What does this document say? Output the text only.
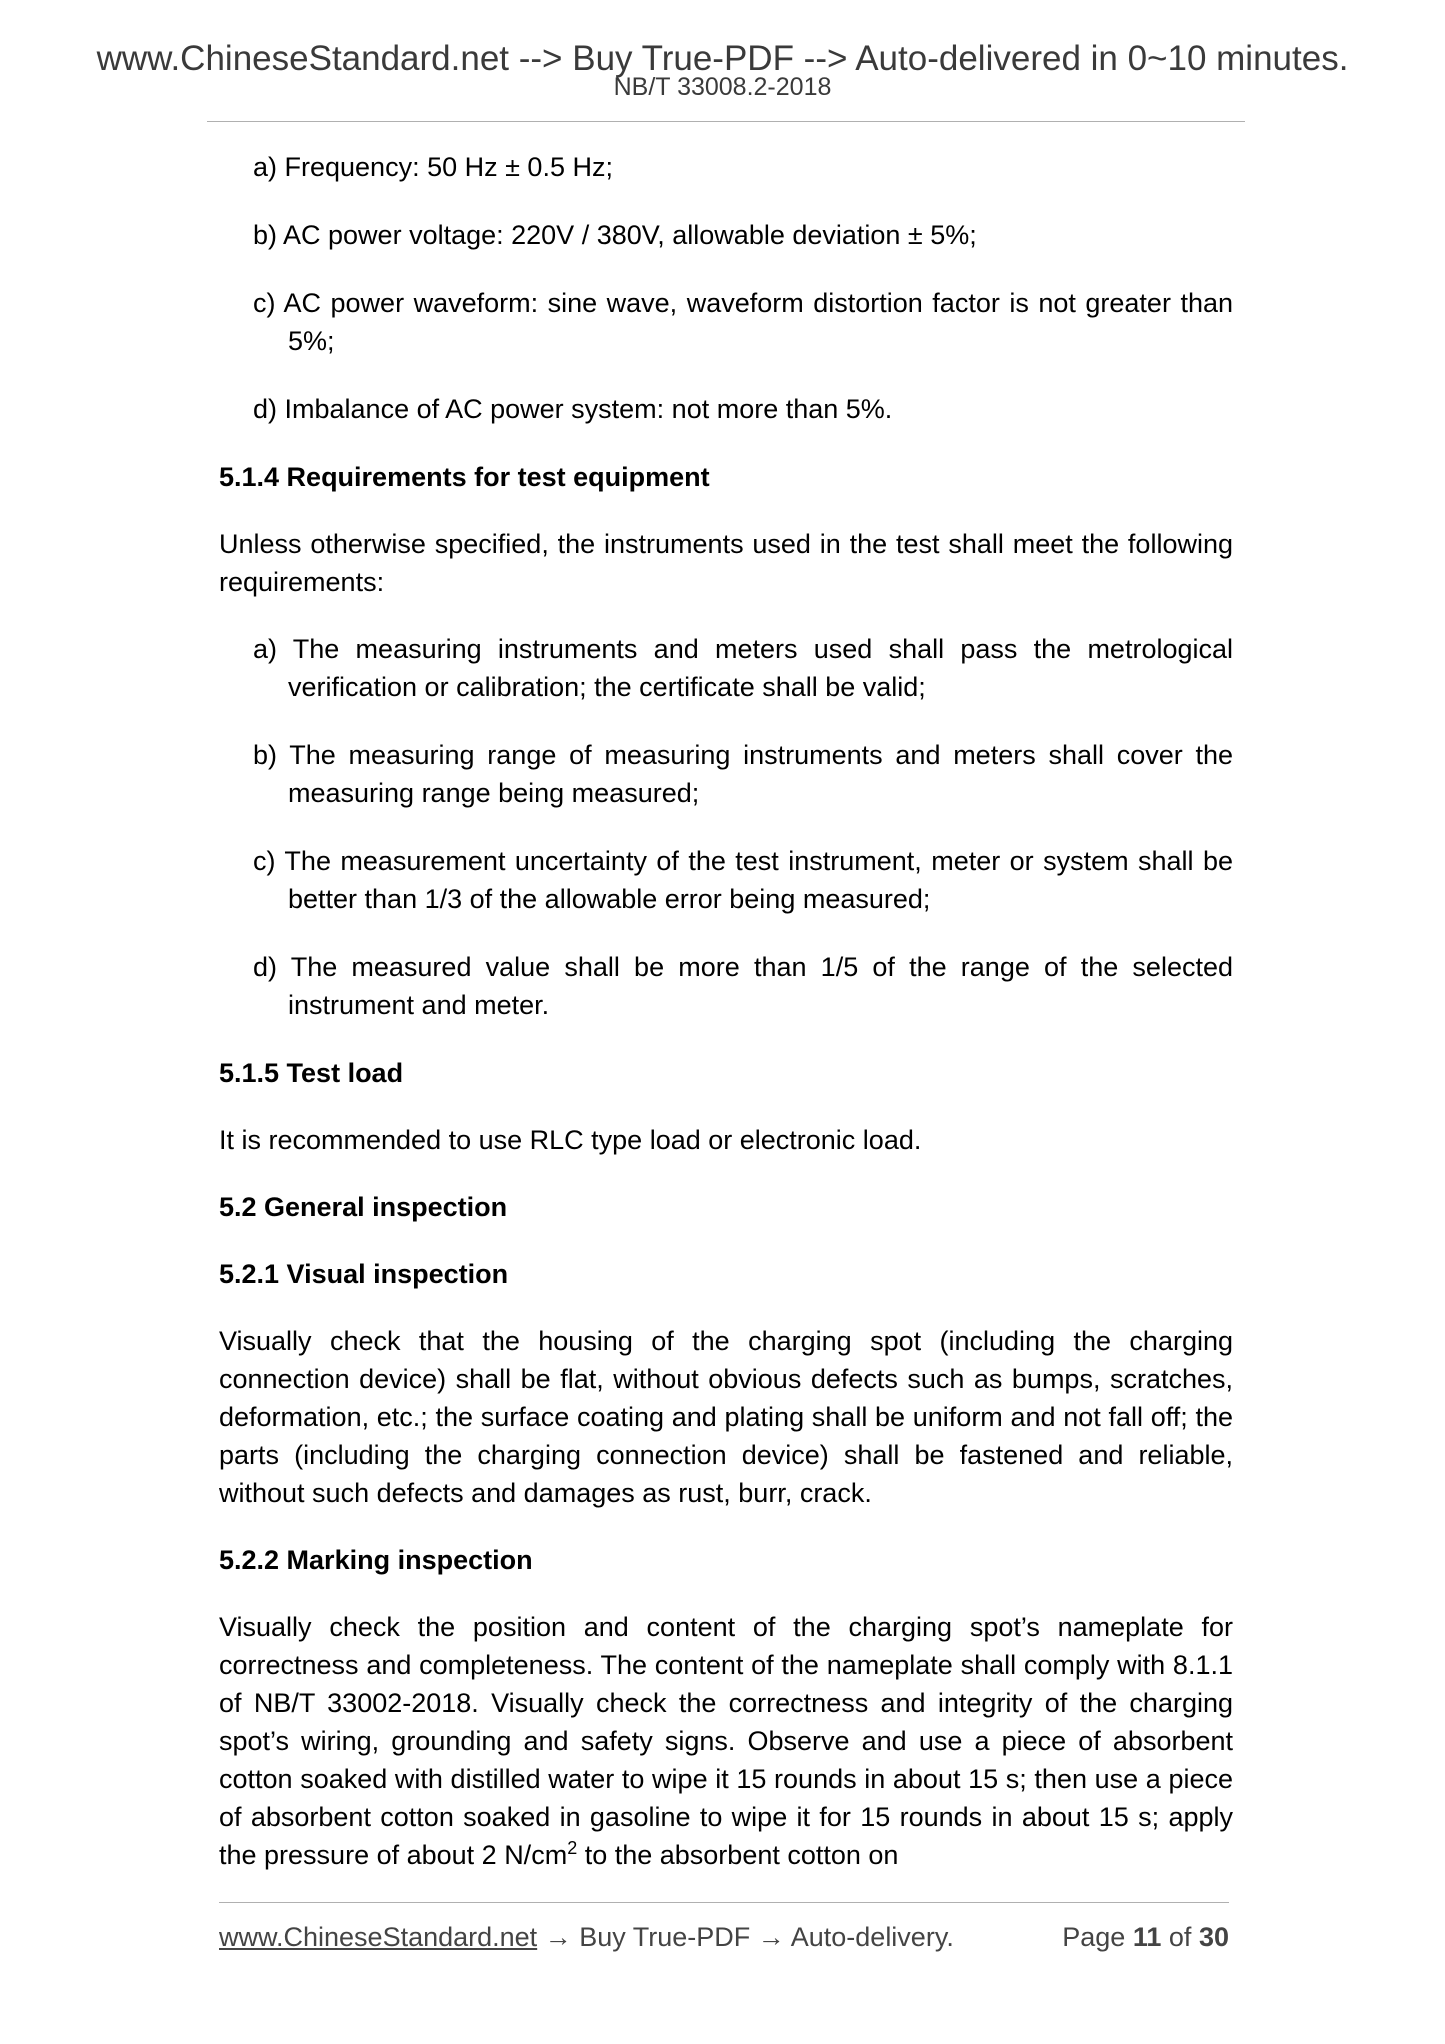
www.ChineseStandard.net --> Buy True-PDF --> Auto-delivered in 0~10 minutes.
NB/T 33008.2-2018
a) Frequency: 50 Hz ± 0.5 Hz;
b) AC power voltage: 220V / 380V, allowable deviation ± 5%;
c) AC power waveform: sine wave, waveform distortion factor is not greater than 5%;
d) Imbalance of AC power system: not more than 5%.
5.1.4 Requirements for test equipment
Unless otherwise specified, the instruments used in the test shall meet the following requirements:
a) The measuring instruments and meters used shall pass the metrological verification or calibration; the certificate shall be valid;
b) The measuring range of measuring instruments and meters shall cover the measuring range being measured;
c) The measurement uncertainty of the test instrument, meter or system shall be better than 1/3 of the allowable error being measured;
d) The measured value shall be more than 1/5 of the range of the selected instrument and meter.
5.1.5 Test load
It is recommended to use RLC type load or electronic load.
5.2 General inspection
5.2.1 Visual inspection
Visually check that the housing of the charging spot (including the charging connection device) shall be flat, without obvious defects such as bumps, scratches, deformation, etc.; the surface coating and plating shall be uniform and not fall off; the parts (including the charging connection device) shall be fastened and reliable, without such defects and damages as rust, burr, crack.
5.2.2 Marking inspection
Visually check the position and content of the charging spot’s nameplate for correctness and completeness. The content of the nameplate shall comply with 8.1.1 of NB/T 33002-2018. Visually check the correctness and integrity of the charging spot’s wiring, grounding and safety signs. Observe and use a piece of absorbent cotton soaked with distilled water to wipe it 15 rounds in about 15 s; then use a piece of absorbent cotton soaked in gasoline to wipe it for 15 rounds in about 15 s; apply the pressure of about 2 $N/cm^2$ to the absorbent cotton on
www.ChineseStandard.net → Buy True-PDF → Auto-delivery.	Page 11 of 30
